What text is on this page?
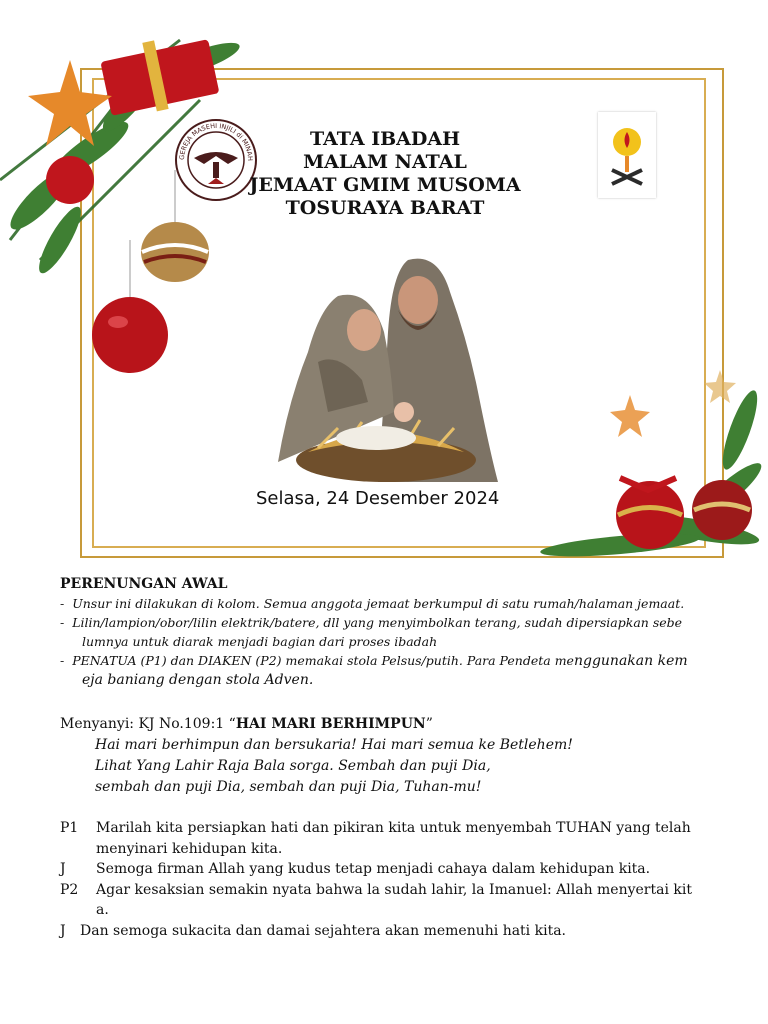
GEREJA MASEHI INJILI di MINAH
TATA IBADAH
MALAM NATAL
JEMAAT GMIM MUSOMA
TOSURAYA BARAT
Selasa, 24 Desember 2024

PERENUNGAN AWAL

- Unsur ini dilakukan di kolom. Semua anggota jemaat berkumpul di satu rumah/halaman jemaat.

- Lilin/lampion/obor/lilin elektrik/batere, dll yang menyimbolkan terang, sudah dipersiapkan sebe
lumnya untuk diarak menjadi bagian dari proses ibadah

- PENATUA (P1) dan DIAKEN (P2) memakai stola Pelsus/putih. Para Pendeta menggunakan kem
eja baniang dengan stola Adven.

Menyanyi: KJ No.109:1 “HAI MARI BERHIMPUN”
Hai mari berhimpun dan bersukaria! Hai mari semua ke Betlehem!
Lihat Yang Lahir Raja Bala sorga. Sembah dan puji Dia,
sembah dan puji Dia, sembah dan puji Dia, Tuhan-mu!
P1	Marilah kita persiapkan hati dan pikiran kita untuk menyembah TUHAN yang telah
menyinari kehidupan kita.
J	Semoga firman Allah yang kudus tetap menjadi cahaya dalam kehidupan kita.
P2	Agar kesaksian semakin nyata bahwa la sudah lahir, la Imanuel: Allah menyertai kit
a.
J	Dan semoga sukacita dan damai sejahtera akan memenuhi hati kita.
